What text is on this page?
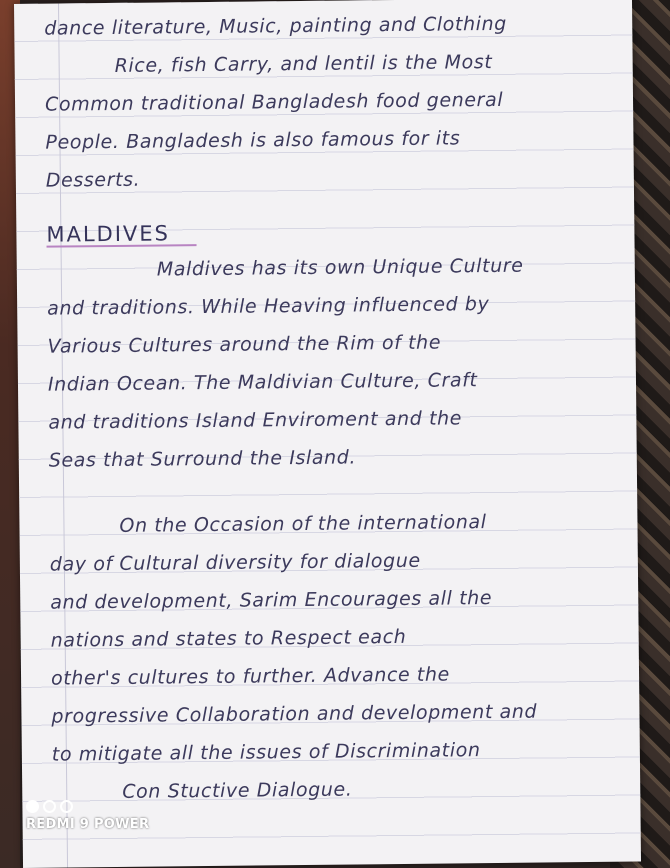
dance literature, Music, painting and Clothing
Rice, fish Carry, and lentil is the Most
Common traditional Bangladesh food general
People. Bangladesh is also famous for its
Desserts.
MALDIVES
Maldives has its own Unique Culture
and traditions. While Heaving influenced by
Various Cultures around the Rim of the
Indian Ocean. The Maldivian Culture, Craft
and traditions Island Enviroment and the
Seas that Surround the Island.
On the Occasion of the international
day of Cultural diversity for dialogue
and development, Sarim Encourages all the
nations and states to Respect each
other's cultures to further. Advance the
progressive Collaboration and development and
to mitigate all the issues of Discrimination
Con Stuctive Dialogue.
REDMI 9 POWER
